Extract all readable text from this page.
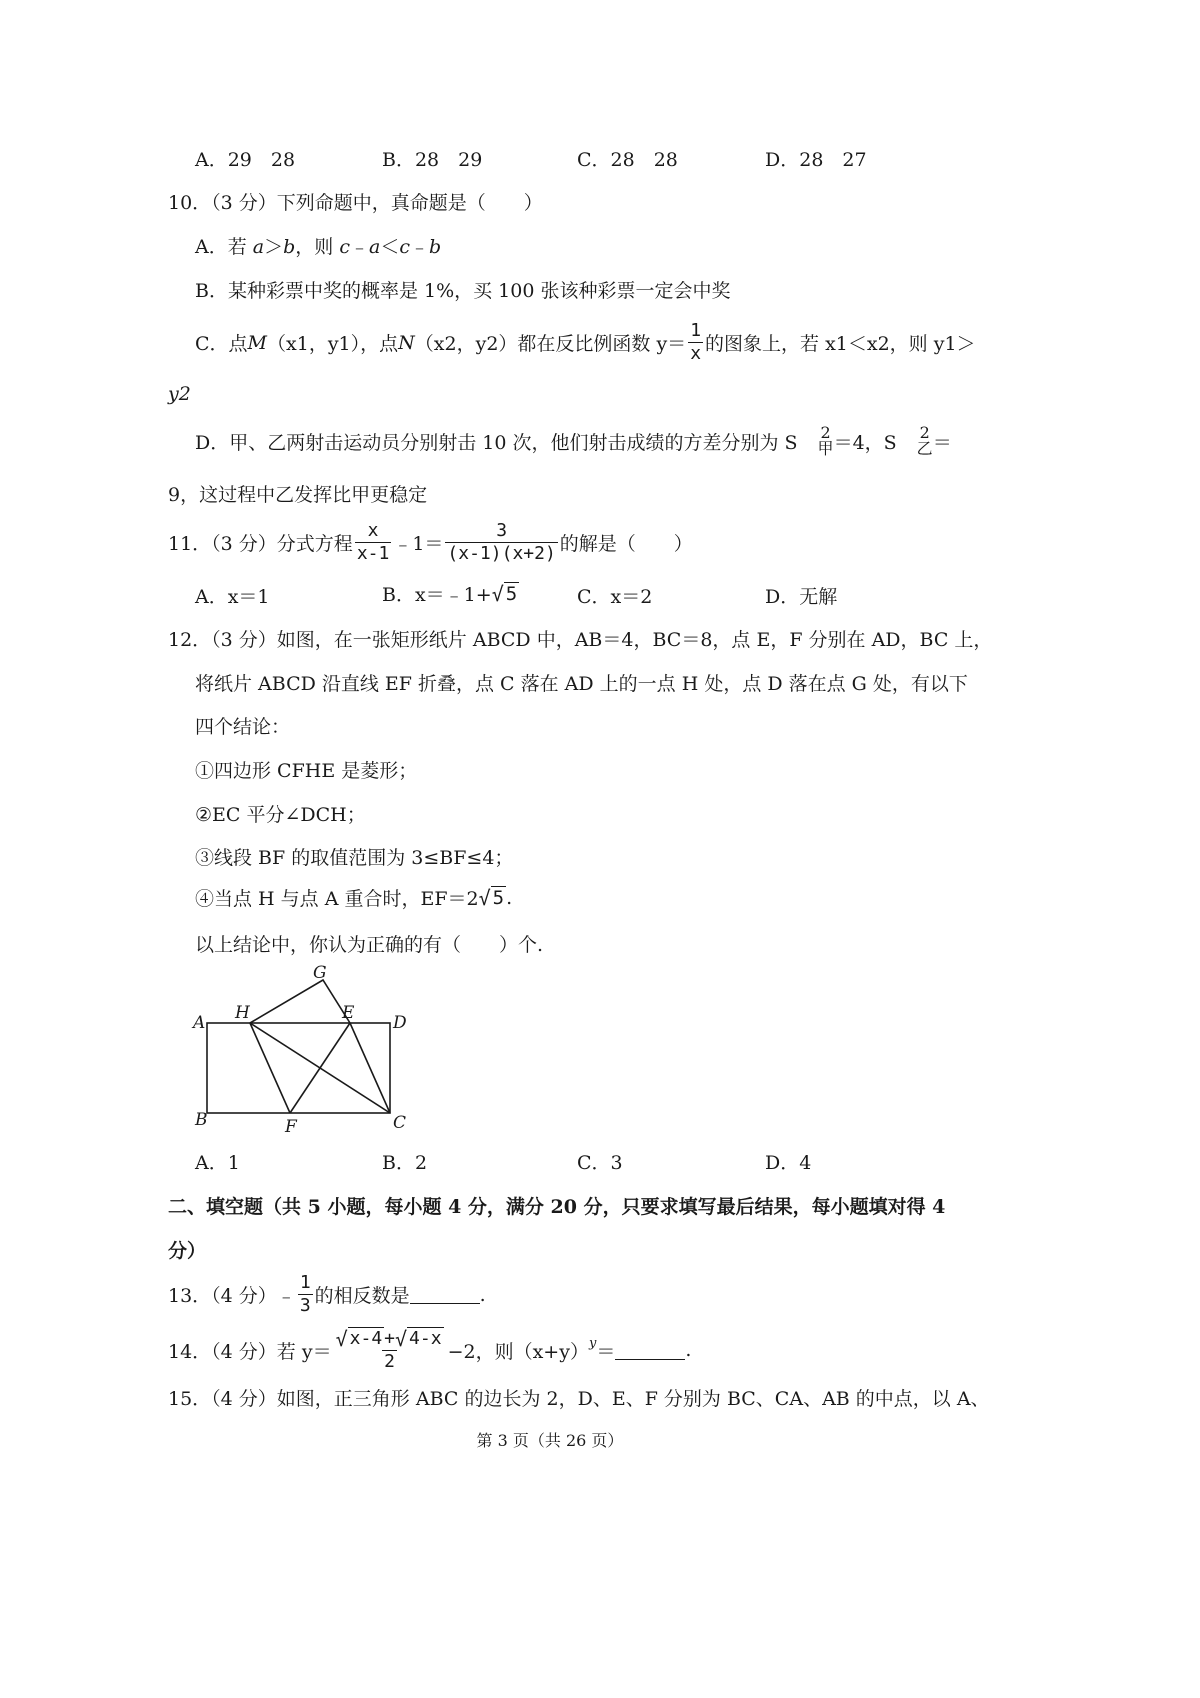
A．29　28	B．28　29	C．28　28	D．28　27
10．（3 分）下列命题中，真命题是（　　）
A．若 a＞b，则 c﹣a＜c﹣b
B．某种彩票中奖的概率是 1%，买 100 张该种彩票一定会中奖
C．点 M （x1，y1），点 N （x2，y2）都在反比例函数 $y= \frac{1}{x}$ 的图象上，若 x1＜x2，则 y1＞
y2
D．甲、乙两射击运动员分别射击 10 次，他们射击成绩的方差分别为 S 2
甲 ＝4，S 2
乙 ＝
9，这过程中乙发挥比甲更稳定
11．（3 分）分式方程 $\frac{x}{x-1}$ ﹣1＝ $\frac{3}{(x-1)(x+2)}$ 的解是（　　）
A．x＝1	B．x＝﹣1+ √ 5	C．x＝2	D．无解
12．（3 分）如图，在一张矩形纸片 ABCD 中，AB＝4，BC＝8，点 E，F 分别在 AD，BC 上，
将纸片 ABCD 沿直线 EF 折叠，点 C 落在 AD 上的一点 H 处，点 D 落在点 G 处，有以下
四个结论：
①四边形 CFHE 是菱形；
②EC 平分∠DCH；
③线段 BF 的取值范围为 3≤BF≤4；
④当点 H 与点 A 重合时，EF＝2 √ 5 .
以上结论中，你认为正确的有（　　）个.
A H
G
E D
B	F	C
A．1	B．2	C．3	D．4
二、填空题（共 5 小题，每小题 4 分，满分 20 分，只要求填写最后结果，每小题填对得 4
分）
13．（4 分）﹣ $\frac{1}{3}$ 的相反数是	.
14．（4 分）若 $y= \frac{√ x-4 + √ 4-x}{2} -2$，则$(x+y)^y$ ＝	.
15．（4 分）如图，正三角形 ABC 的边长为 2，D、E、F 分别为 BC、CA、AB 的中点，以 A、
第 3 页（共 26 页）
